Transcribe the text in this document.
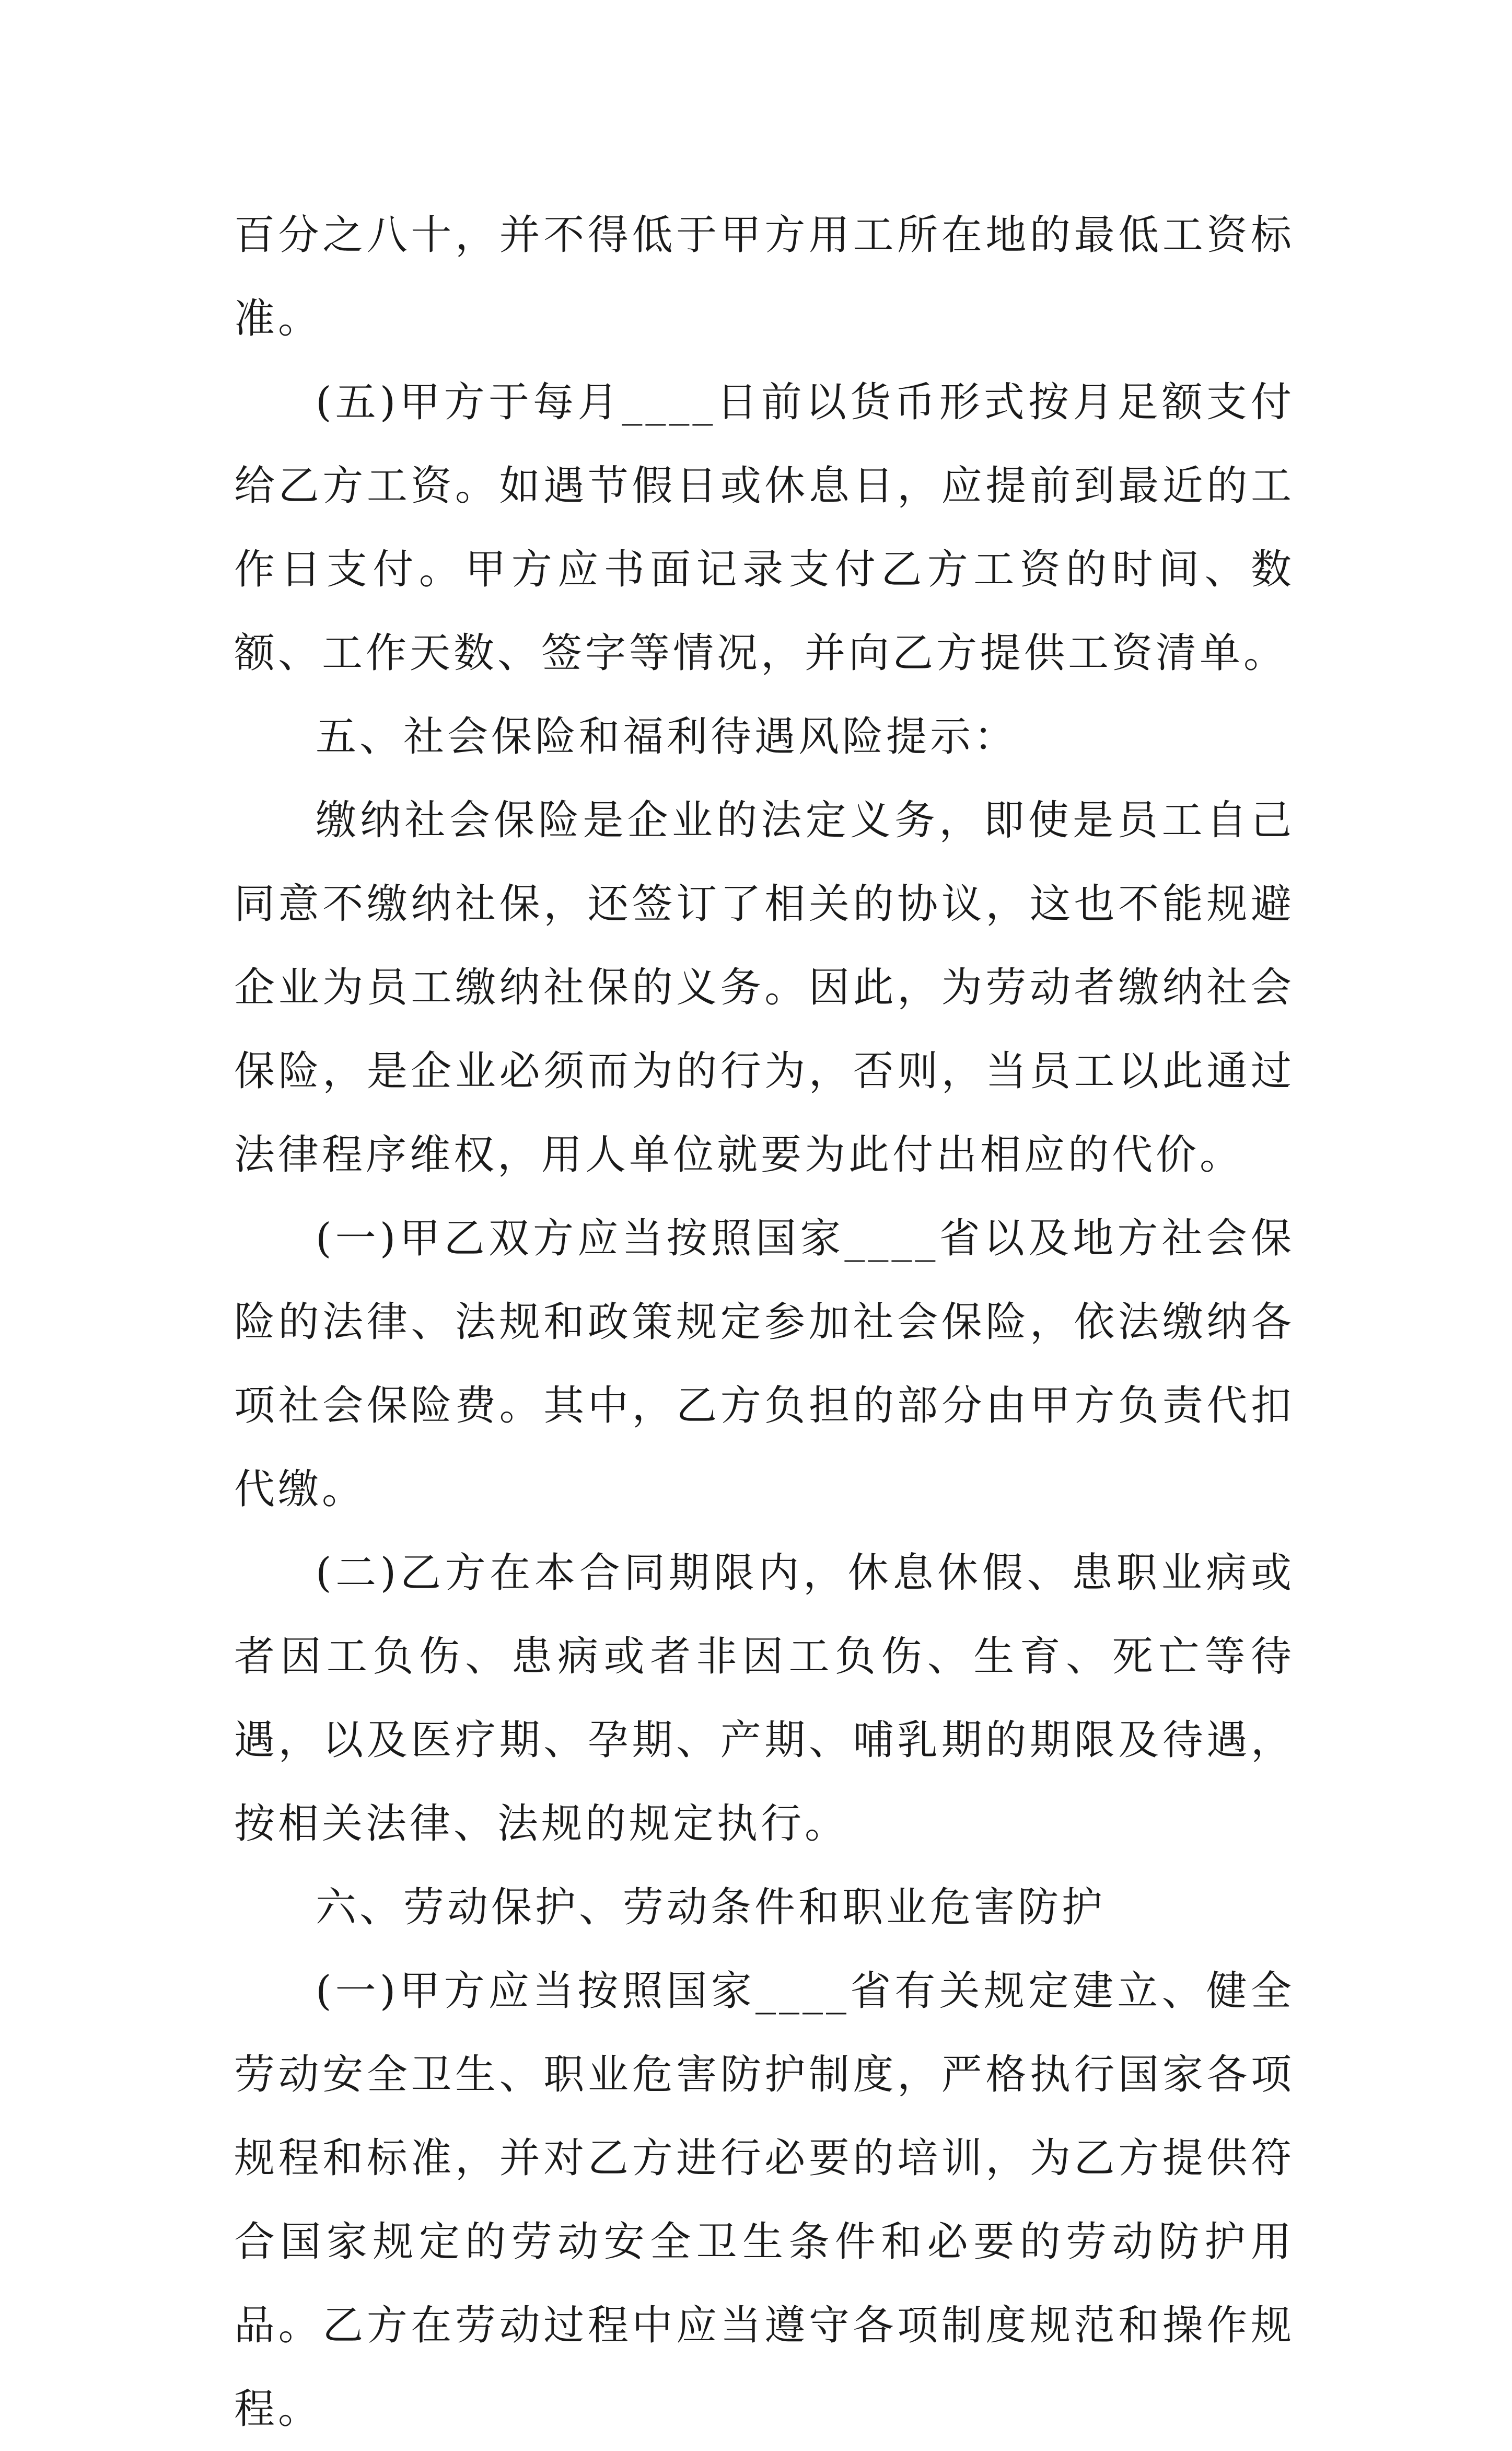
百分之八十，并不得低于甲方用工所在地的最低工资标准。

(五)甲方于每月____日前以货币形式按月足额支付给乙方工资。如遇节假日或休息日，应提前到最近的工作日支付。甲方应书面记录支付乙方工资的时间、数额、工作天数、签字等情况，并向乙方提供工资清单。

五、社会保险和福利待遇风险提示：

缴纳社会保险是企业的法定义务，即使是员工自己同意不缴纳社保，还签订了相关的协议，这也不能规避企业为员工缴纳社保的义务。因此，为劳动者缴纳社会保险，是企业必须而为的行为，否则，当员工以此通过法律程序维权，用人单位就要为此付出相应的代价。

(一)甲乙双方应当按照国家____省以及地方社会保险的法律、法规和政策规定参加社会保险，依法缴纳各项社会保险费。其中，乙方负担的部分由甲方负责代扣代缴。

(二)乙方在本合同期限内，休息休假、患职业病或者因工负伤、患病或者非因工负伤、生育、死亡等待遇，以及医疗期、孕期、产期、哺乳期的期限及待遇，按相关法律、法规的规定执行。

六、劳动保护、劳动条件和职业危害防护

(一)甲方应当按照国家____省有关规定建立、健全劳动安全卫生、职业危害防护制度，严格执行国家各项规程和标准，并对乙方进行必要的培训，为乙方提供符合国家规定的劳动安全卫生条件和必要的劳动防护用品。乙方在劳动过程中应当遵守各项制度规范和操作规程。
